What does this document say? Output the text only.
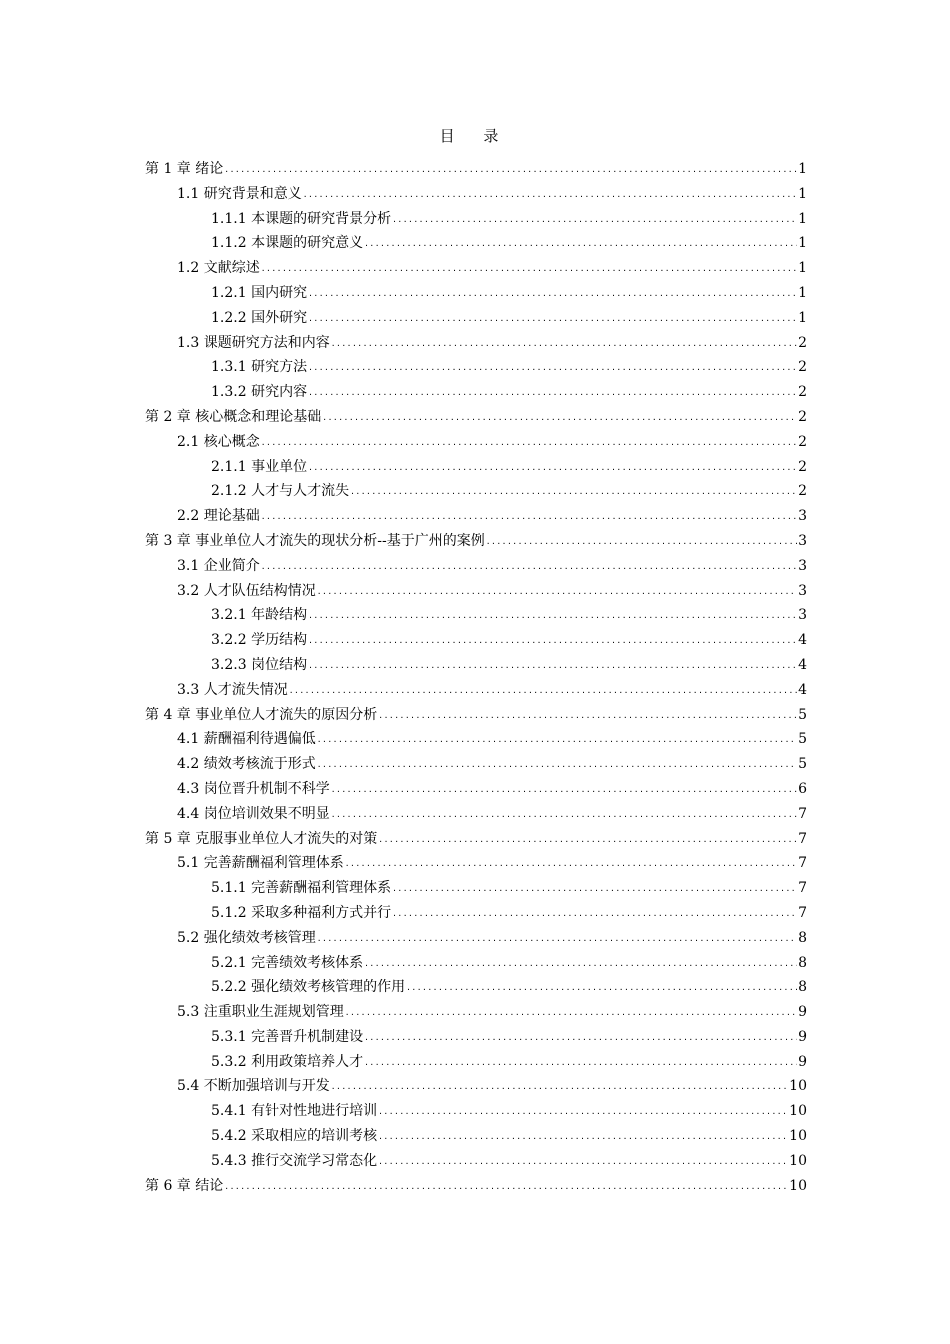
目 录
第 1 章 绪论 .....	1
1.1 研究背景和意义 .....	1
1.1.1 本课题的研究背景分析 .....	1
1.1.2 本课题的研究意义 .....	1
1.2 文献综述 .....	1
1.2.1 国内研究 .....	1
1.2.2 国外研究 .....	1
1.3 课题研究方法和内容 .....	2
1.3.1 研究方法 .....	2
1.3.2 研究内容 .....	2
第 2 章 核心概念和理论基础 .....	2
2.1 核心概念 .....	2
2.1.1 事业单位 .....	2
2.1.2 人才与人才流失 .....	2
2.2 理论基础 .....	3
第 3 章 事业单位人才流失的现状分析--基于广州的案例 .....	3
3.1 企业简介 .....	3
3.2 人才队伍结构情况 .....	3
3.2.1 年龄结构 .....	3
3.2.2 学历结构 .....	4
3.2.3 岗位结构 .....	4
3.3 人才流失情况 .....	4
第 4 章 事业单位人才流失的原因分析 .....	5
4.1 薪酬福利待遇偏低 .....	5
4.2 绩效考核流于形式 .....	5
4.3 岗位晋升机制不科学 .....	6
4.4 岗位培训效果不明显 .....	7
第 5 章 克服事业单位人才流失的对策 .....	7
5.1 完善薪酬福利管理体系 .....	7
5.1.1 完善薪酬福利管理体系 .....	7
5.1.2 采取多种福利方式并行 .....	7
5.2 强化绩效考核管理 .....	8
5.2.1 完善绩效考核体系 .....	8
5.2.2 强化绩效考核管理的作用 .....	8
5.3 注重职业生涯规划管理 .....	9
5.3.1 完善晋升机制建设 .....	9
5.3.2 利用政策培养人才 .....	9
5.4 不断加强培训与开发 .....	10
5.4.1 有针对性地进行培训 .....	10
5.4.2 采取相应的培训考核 .....	10
5.4.3 推行交流学习常态化 .....	10
第 6 章 结论 .....	10
